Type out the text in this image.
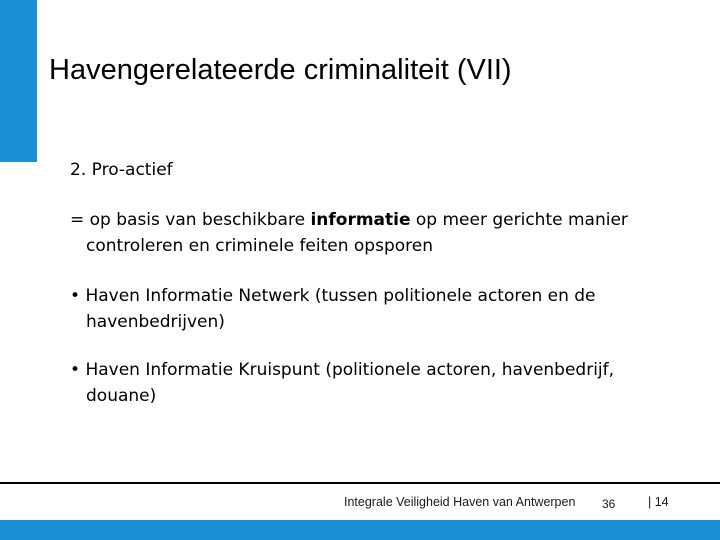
Havengerelateerde criminaliteit (VII)
2. Pro-actief
= op basis van beschikbare informatie op meer gerichte manier controleren en criminele feiten opsporen
• Haven Informatie Netwerk (tussen politionele actoren en de havenbedrijven)
• Haven Informatie Kruispunt (politionele actoren, havenbedrijf, douane)
Integrale Veiligheid Haven van Antwerpen 36	| 14
